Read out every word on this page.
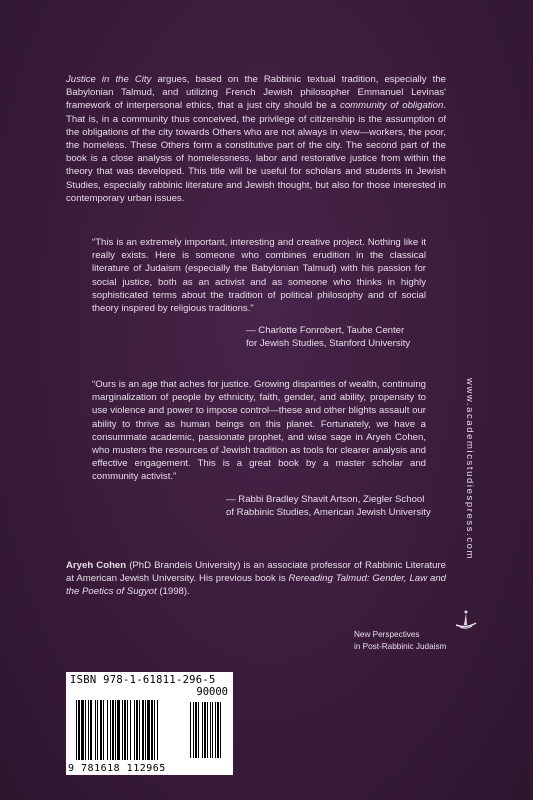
Justice in the City argues, based on the Rabbinic textual tradition, especially the Babylonian Talmud, and utilizing French Jewish philosopher Emmanuel Levinas' framework of interpersonal ethics, that a just city should be a community of obligation. That is, in a community thus conceived, the privilege of citizenship is the assumption of the obligations of the city towards Others who are not always in view—workers, the poor, the homeless. These Others form a constitutive part of the city. The second part of the book is a close analysis of homelessness, labor and restorative justice from within the theory that was developed. This title will be useful for scholars and students in Jewish Studies, especially rabbinic literature and Jewish thought, but also for those interested in contemporary urban issues.

“This is an extremely important, interesting and creative project. Nothing like it really exists. Here is someone who combines erudition in the classical literature of Judaism (especially the Babylonian Talmud) with his passion for social justice, both as an activist and as someone who thinks in highly sophisticated terms about the tradition of political philosophy and of social theory inspired by religious traditions.”

— Charlotte Fonrobert, Taube Center
for Jewish Studies, Stanford University

“Ours is an age that aches for justice. Growing disparities of wealth, continuing marginalization of people by ethnicity, faith, gender, and ability, propensity to use violence and power to impose control—these and other blights assault our ability to thrive as human beings on this planet. Fortunately, we have a consummate academic, passionate prophet, and wise sage in Aryeh Cohen, who musters the resources of Jewish tradition as tools for clearer analysis and effective engagement. This is a great book by a master scholar and community activist.”

— Rabbi Bradley Shavit Artson, Ziegler School
of Rabbinic Studies, American Jewish University

Aryeh Cohen (PhD Brandeis University) is an associate professor of Rabbinic Literature at American Jewish University. His previous book is Rereading Talmud: Gender, Law and the Poetics of Sugyot (1998).

www.academicstudiespress.com
New Perspectives
in Post-Rabbinic Judaism
ISBN 978-1-61811-296-5
90000
9 781618 112965
